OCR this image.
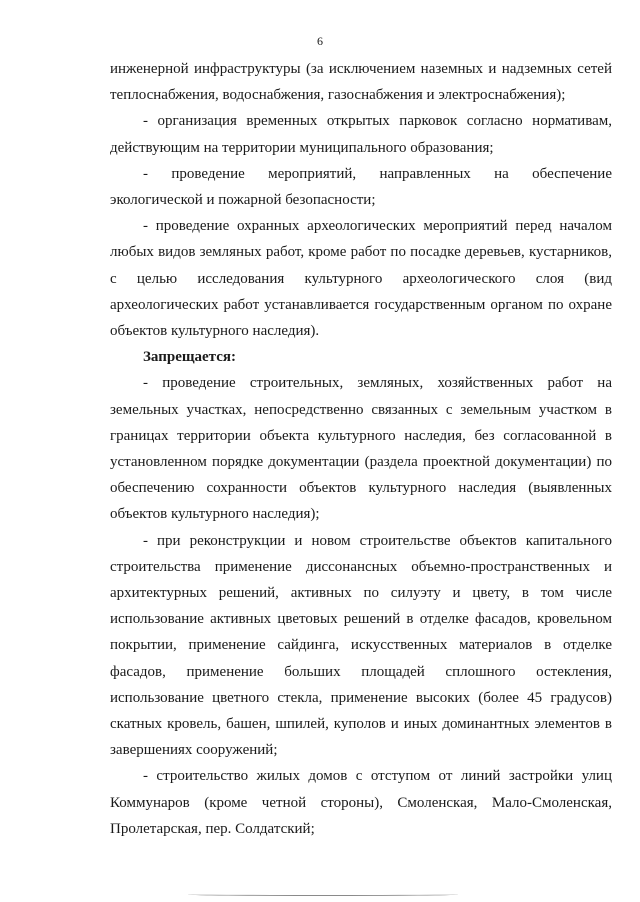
6

инженерной инфраструктуры (за исключением наземных и надземных сетей теплоснабжения, водоснабжения, газоснабжения и электроснабжения);

- организация временных открытых парковок согласно нормативам, действующим на территории муниципального образования;

-     проведение     мероприятий,     направленных     на     обеспечение экологической и пожарной безопасности;

- проведение охранных археологических мероприятий перед началом любых видов земляных работ, кроме работ по посадке деревьев, кустарников, с целью исследования культурного археологического слоя (вид археологических работ устанавливается государственным органом по охране объектов культурного наследия).

Запрещается:

- проведение строительных, земляных, хозяйственных работ на земельных участках, непосредственно связанных с земельным участком в границах территории объекта культурного наследия, без согласованной в установленном порядке документации (раздела проектной документации) по обеспечению сохранности объектов культурного наследия (выявленных объектов культурного наследия);

- при реконструкции и новом строительстве объектов капитального строительства применение диссонансных объемно-пространственных и архитектурных решений, активных по силуэту и цвету, в том числе использование активных цветовых решений в отделке фасадов, кровельном покрытии, применение сайдинга, искусственных материалов в отделке фасадов, применение больших площадей сплошного остекления, использование цветного стекла, применение высоких (более 45 градусов) скатных кровель, башен, шпилей, куполов и иных доминантных элементов в завершениях сооружений;

- строительство жилых домов с отступом от линий застройки улиц Коммунаров (кроме четной стороны), Смоленская, Мало-Смоленская, Пролетарская, пер. Солдатский;
